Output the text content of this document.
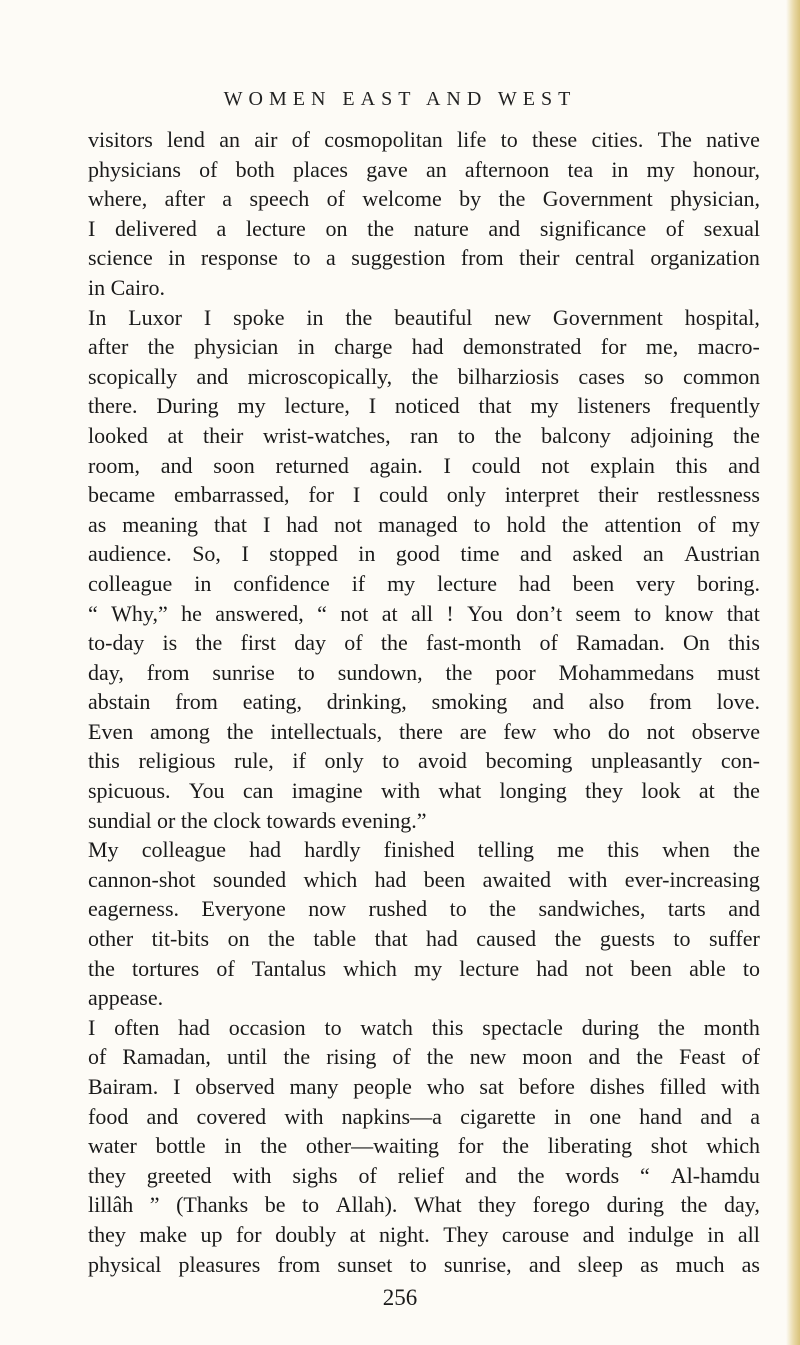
WOMEN EAST AND WEST
visitors lend an air of cosmopolitan life to these cities. The native
physicians of both places gave an afternoon tea in my honour,
where, after a speech of welcome by the Government physician,
I delivered a lecture on the nature and significance of sexual
science in response to a suggestion from their central organization
in Cairo.
In Luxor I spoke in the beautiful new Government hospital,
after the physician in charge had demonstrated for me, macro-
scopically and microscopically, the bilharziosis cases so common
there. During my lecture, I noticed that my listeners frequently
looked at their wrist-watches, ran to the balcony adjoining the
room, and soon returned again. I could not explain this and
became embarrassed, for I could only interpret their restlessness
as meaning that I had not managed to hold the attention of my
audience. So, I stopped in good time and asked an Austrian
colleague in confidence if my lecture had been very boring.
“ Why,” he answered, “ not at all ! You don’t seem to know that
to-day is the first day of the fast-month of Ramadan. On this
day, from sunrise to sundown, the poor Mohammedans must
abstain from eating, drinking, smoking and also from love.
Even among the intellectuals, there are few who do not observe
this religious rule, if only to avoid becoming unpleasantly con-
spicuous. You can imagine with what longing they look at the
sundial or the clock towards evening.”
My colleague had hardly finished telling me this when the
cannon-shot sounded which had been awaited with ever-increasing
eagerness. Everyone now rushed to the sandwiches, tarts and
other tit-bits on the table that had caused the guests to suffer
the tortures of Tantalus which my lecture had not been able to
appease.
I often had occasion to watch this spectacle during the month
of Ramadan, until the rising of the new moon and the Feast of
Bairam. I observed many people who sat before dishes filled with
food and covered with napkins—a cigarette in one hand and a
water bottle in the other—waiting for the liberating shot which
they greeted with sighs of relief and the words “ Al-hamdu
lillâh ” (Thanks be to Allah). What they forego during the day,
they make up for doubly at night. They carouse and indulge in all
physical pleasures from sunset to sunrise, and sleep as much as
256
